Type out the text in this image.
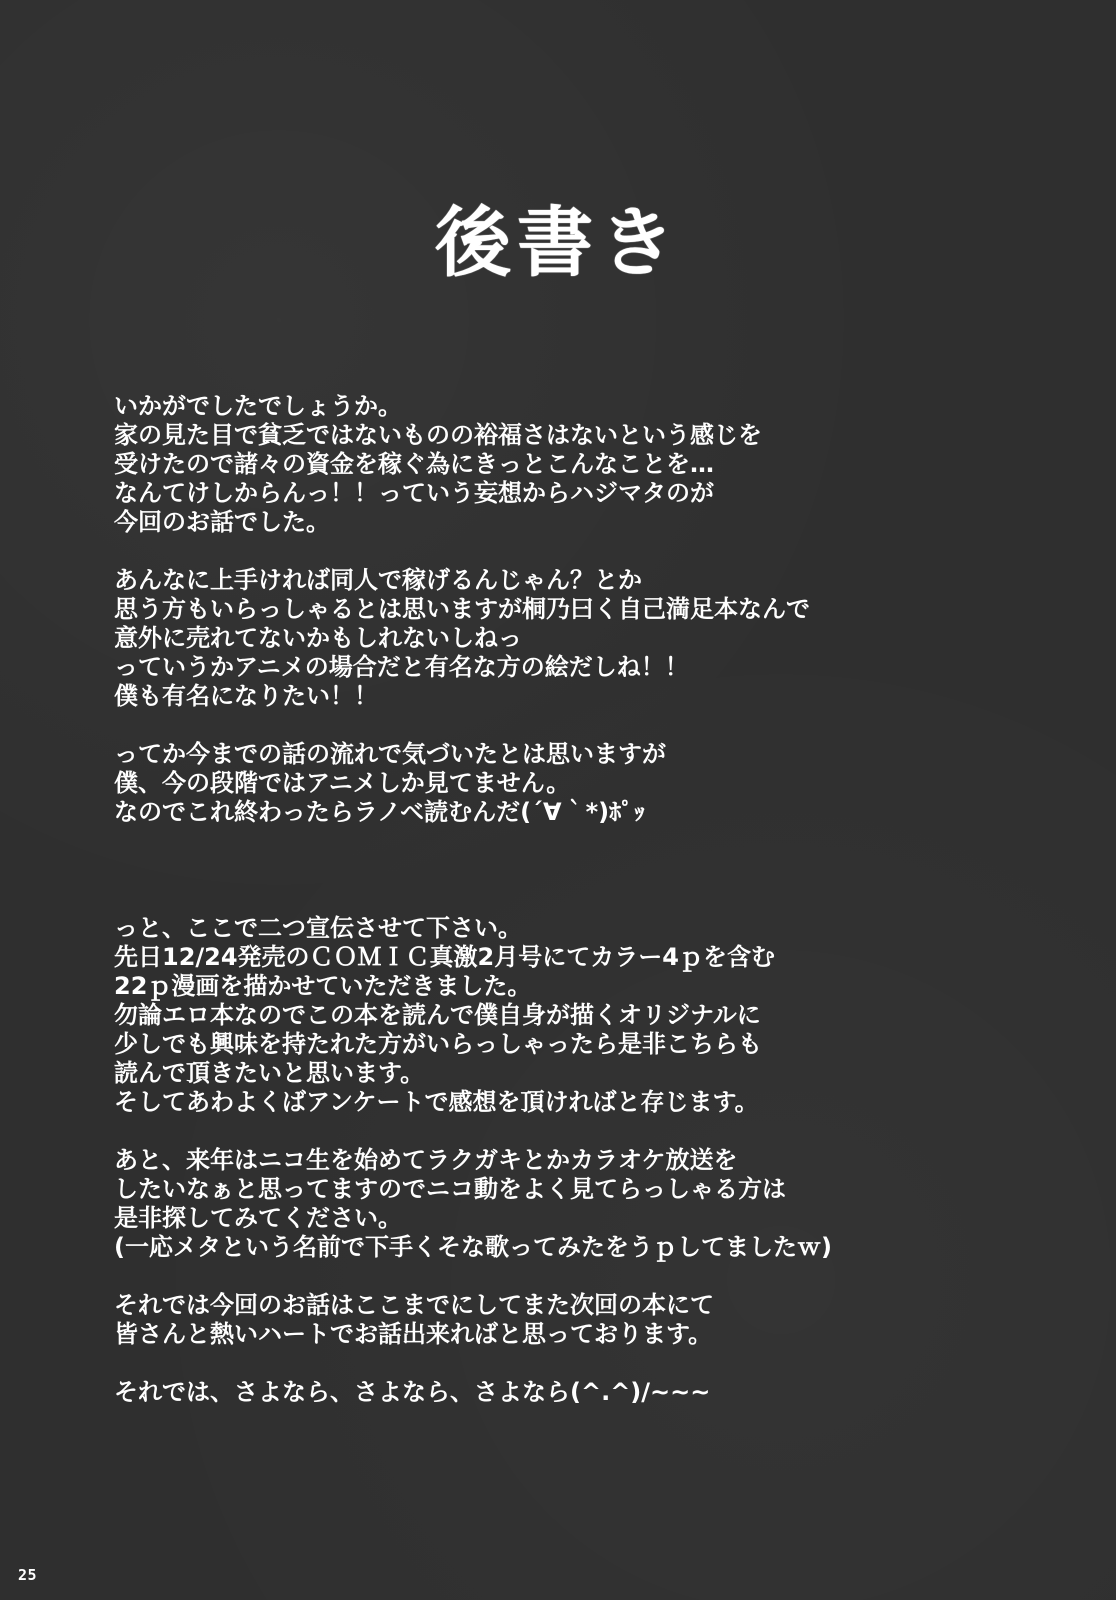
後書き
いかがでしたでしょうか。
家の見た目で貧乏ではないものの裕福さはないという感じを
受けたので諸々の資金を稼ぐ為にきっとこんなことを…
なんてけしからんっ！！っていう妄想からハジマタのが
今回のお話でした。
あんなに上手ければ同人で稼げるんじゃん？とか
思う方もいらっしゃるとは思いますが桐乃曰く自己満足本なんで
意外に売れてないかもしれないしねっ
っていうかアニメの場合だと有名な方の絵だしね！！
僕も有名になりたい！！
ってか今までの話の流れで気づいたとは思いますが
僕、今の段階ではアニメしか見てません。
なのでこれ終わったらラノベ読むんだ(´∀｀*)ﾎﾟｯ
っと、ここで二つ宣伝させて下さい。
先日12/24発売のＣＯＭＩＣ真激2月号にてカラー4ｐを含む
22ｐ漫画を描かせていただきました。
勿論エロ本なのでこの本を読んで僕自身が描くオリジナルに
少しでも興味を持たれた方がいらっしゃったら是非こちらも
読んで頂きたいと思います。
そしてあわよくばアンケートで感想を頂ければと存じます。
あと、来年はニコ生を始めてラクガキとかカラオケ放送を
したいなぁと思ってますのでニコ動をよく見てらっしゃる方は
是非探してみてください。
(一応メタという名前で下手くそな歌ってみたをうｐしてましたｗ)
それでは今回のお話はここまでにしてまた次回の本にて
皆さんと熱いハートでお話出来ればと思っております。
それでは、さよなら、さよなら、さよなら(^.^)/~~~
25
